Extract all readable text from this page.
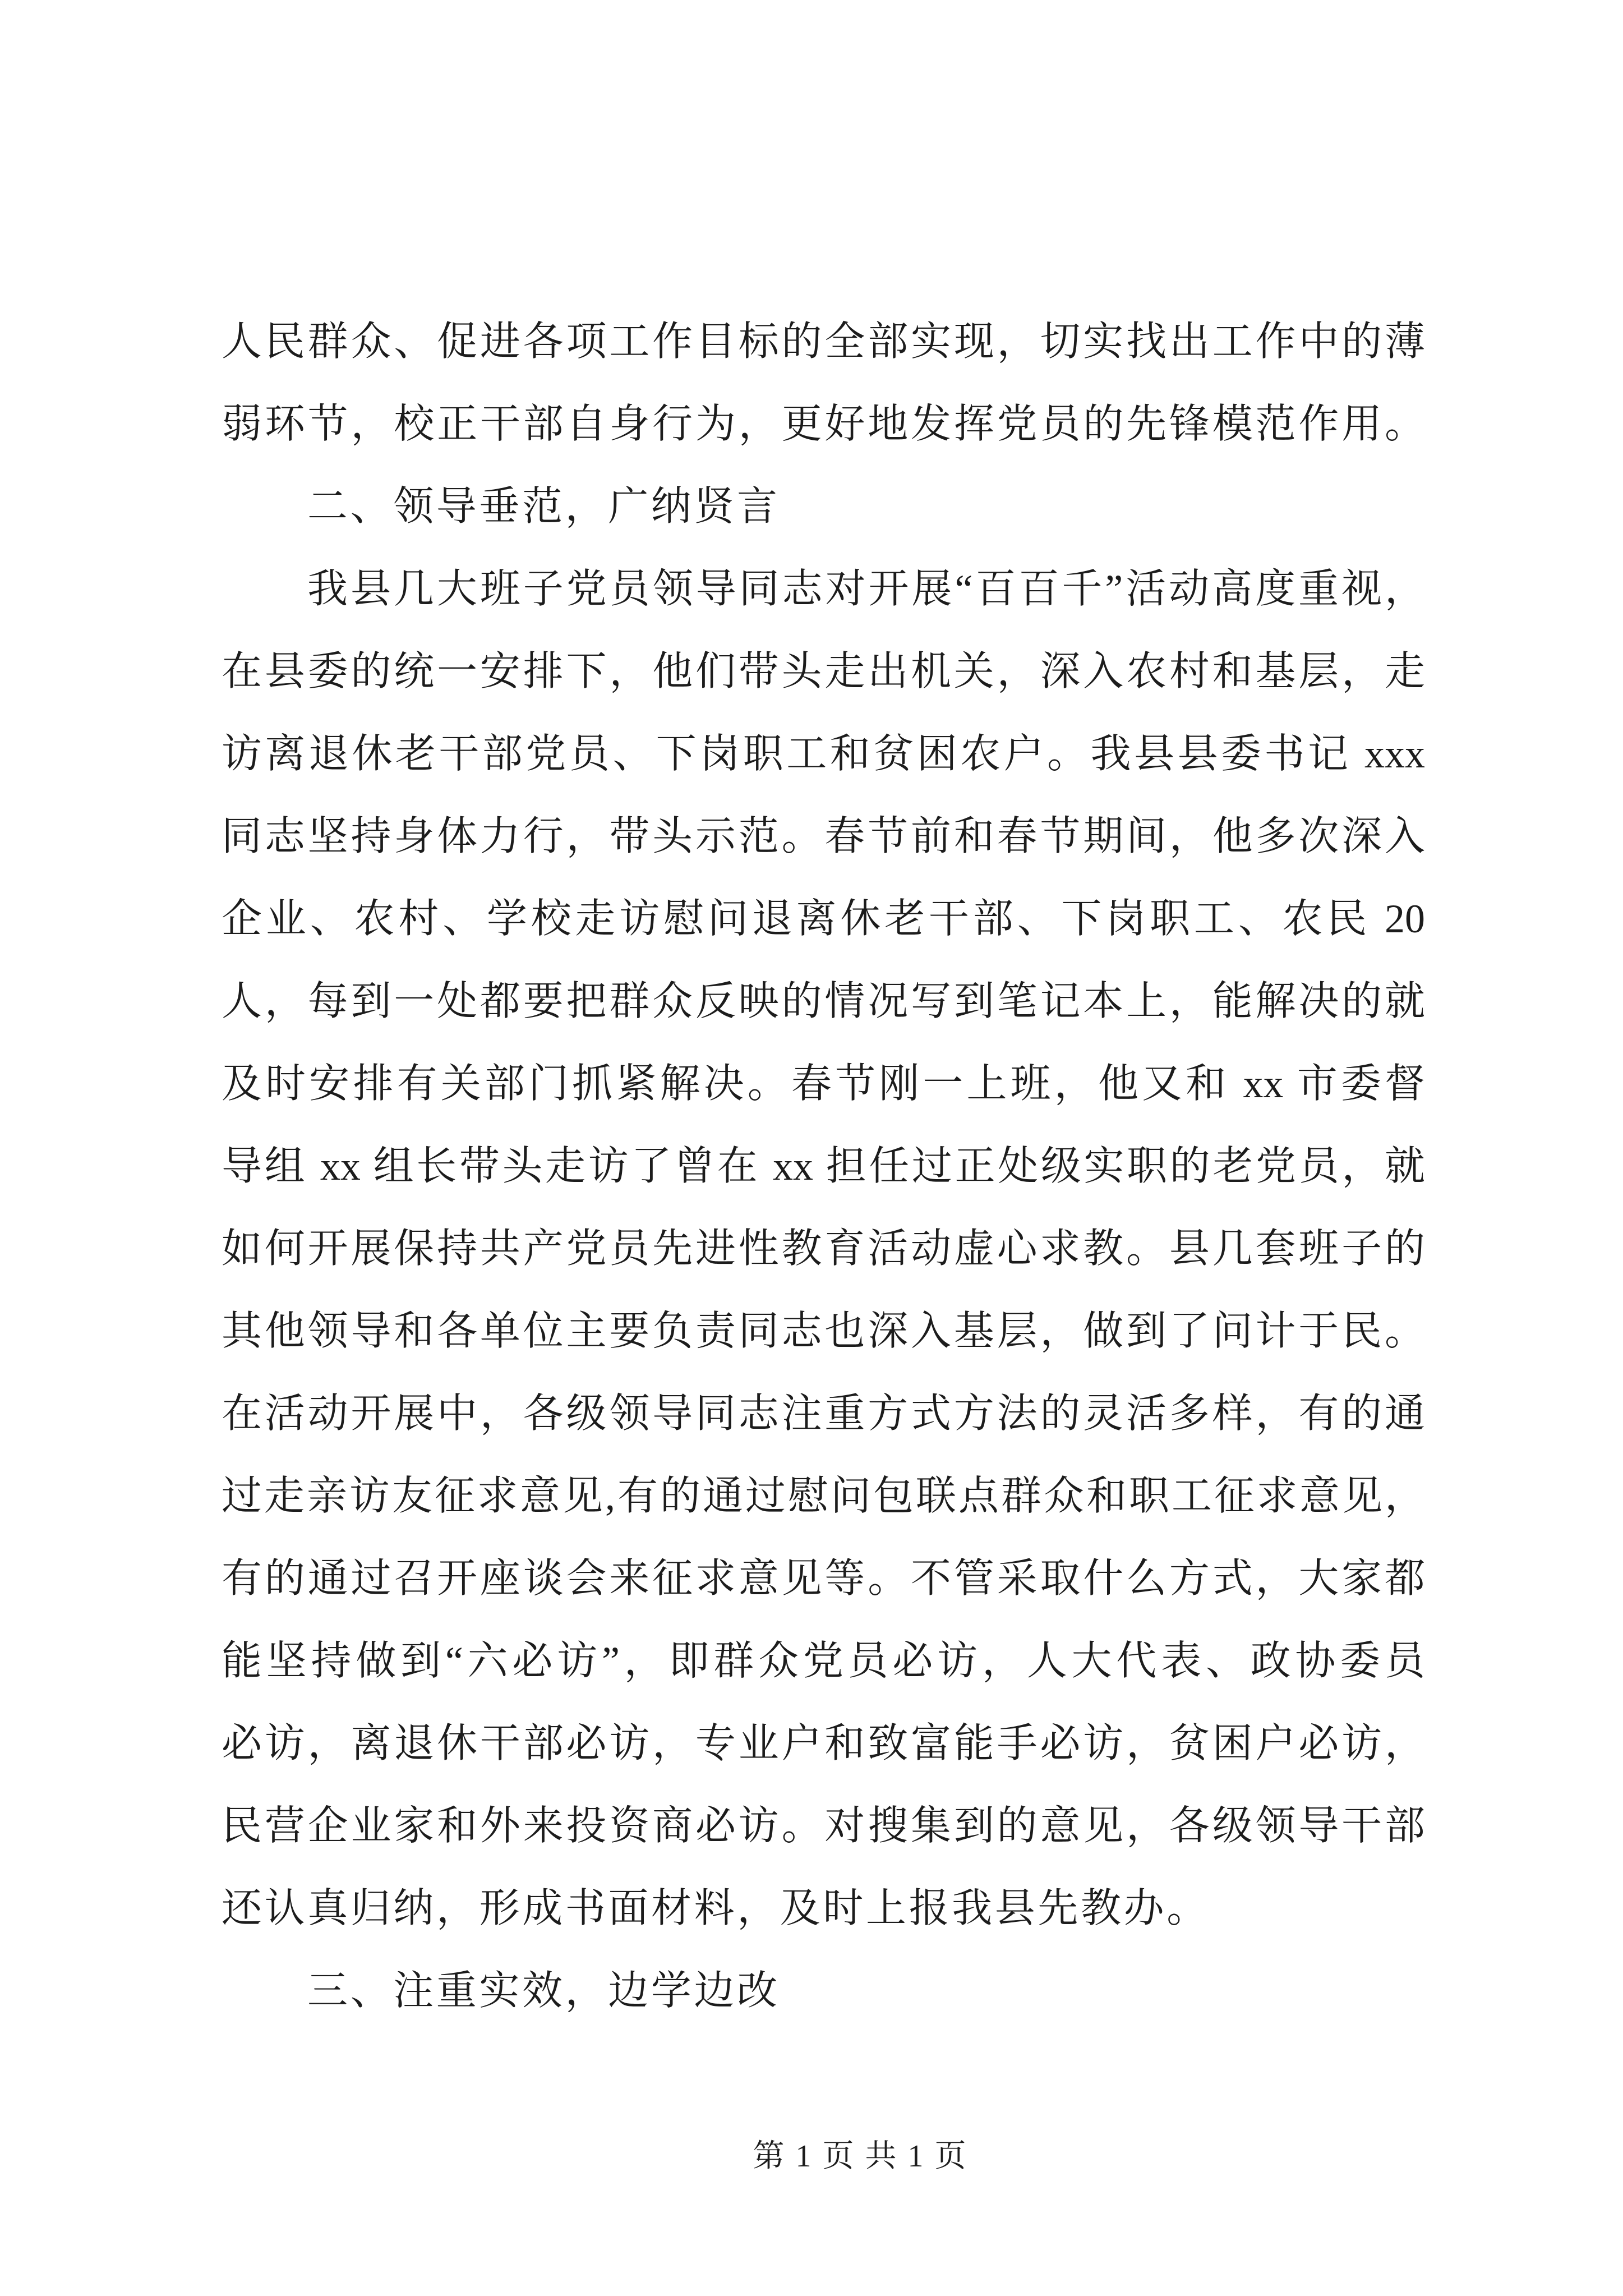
人民群众、促进各项工作目标的全部实现，切实找出工作中的薄
弱环节，校正干部自身行为，更好地发挥党员的先锋模范作用。
二、领导垂范，广纳贤言
我县几大班子党员领导同志对开展“百百千”活动高度重视，
在县委的统一安排下，他们带头走出机关，深入农村和基层，走
访离退休老干部党员、下岗职工和贫困农户。我县县委书记 xxx
同志坚持身体力行，带头示范。春节前和春节期间，他多次深入
企业、农村、学校走访慰问退离休老干部、下岗职工、农民 20
人，每到一处都要把群众反映的情况写到笔记本上，能解决的就
及时安排有关部门抓紧解决。春节刚一上班，他又和 xx 市委督
导组 xx 组长带头走访了曾在 xx 担任过正处级实职的老党员，就
如何开展保持共产党员先进性教育活动虚心求教。县几套班子的
其他领导和各单位主要负责同志也深入基层，做到了问计于民。
在活动开展中，各级领导同志注重方式方法的灵活多样，有的通
过走亲访友征求意见,有的通过慰问包联点群众和职工征求意见，
有的通过召开座谈会来征求意见等。不管采取什么方式，大家都
能坚持做到“六必访”，即群众党员必访，人大代表、政协委员
必访，离退休干部必访，专业户和致富能手必访，贫困户必访，
民营企业家和外来投资商必访。对搜集到的意见，各级领导干部
还认真归纳，形成书面材料，及时上报我县先教办。
三、注重实效，边学边改
第 1 页 共 1 页
